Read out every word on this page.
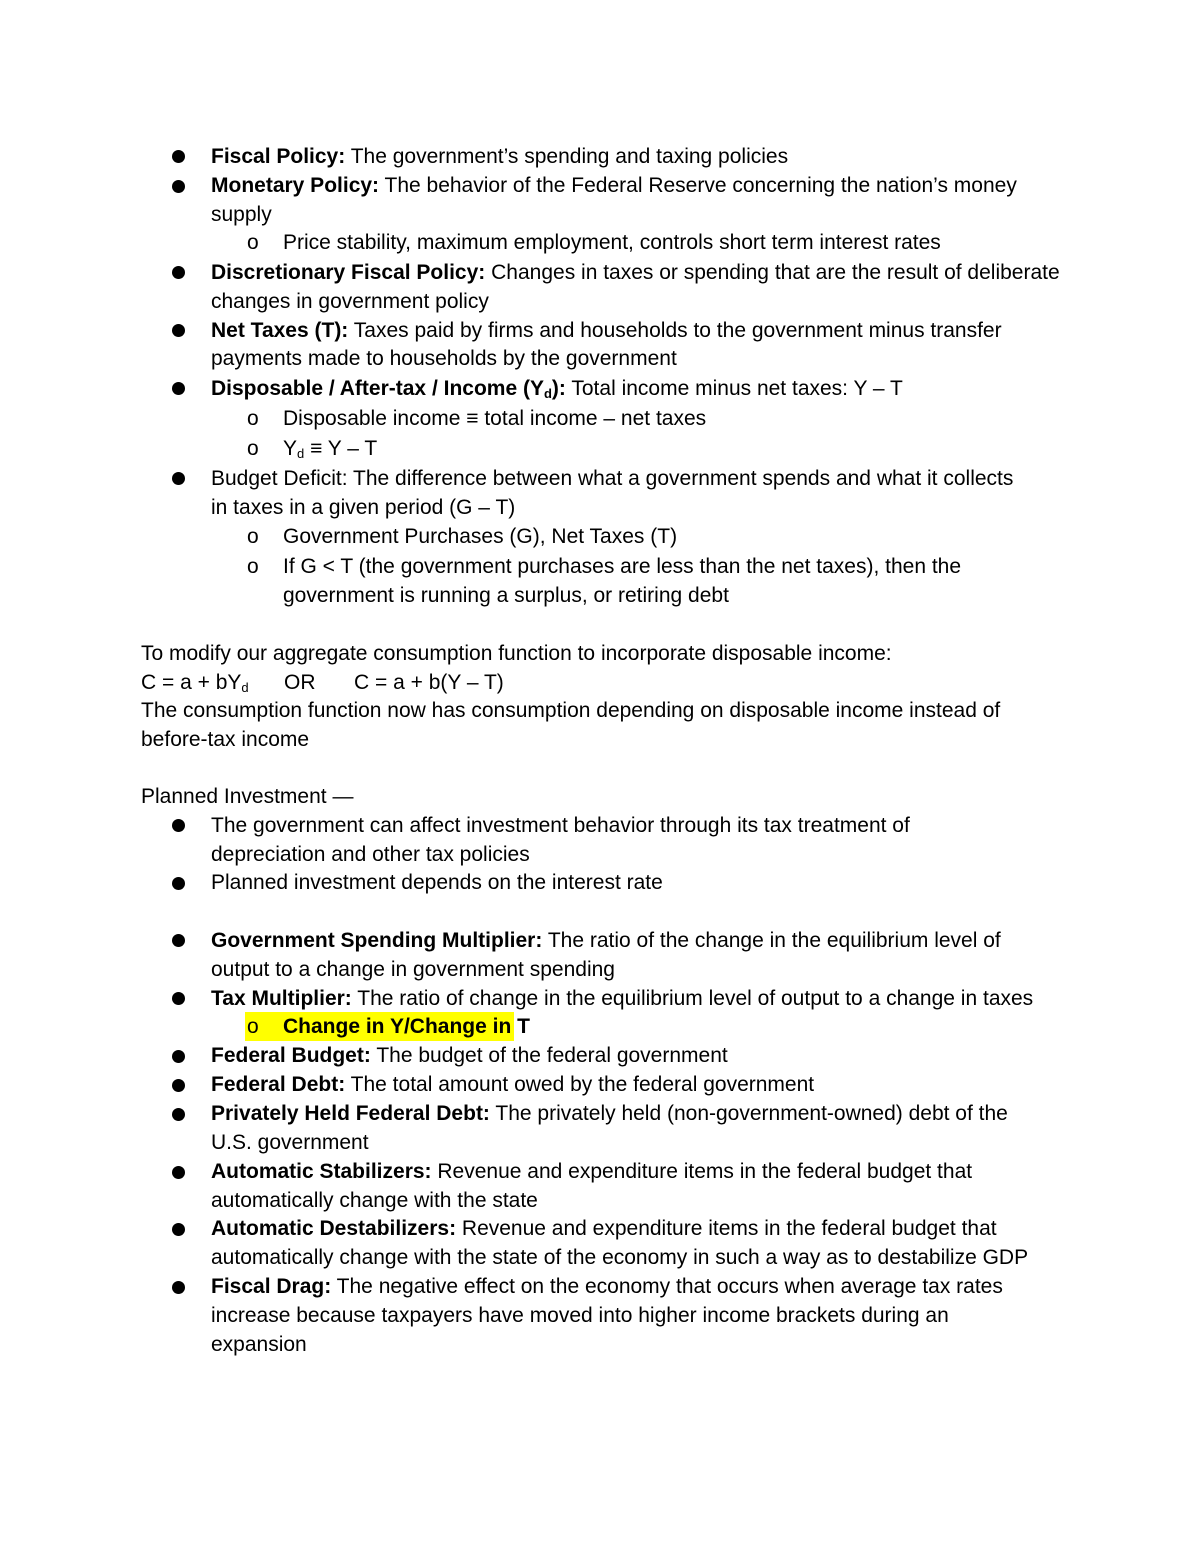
Fiscal Policy: The government’s spending and taxing policies
Monetary Policy: The behavior of the Federal Reserve concerning the nation’s money
supply
o Price stability, maximum employment, controls short term interest rates
Discretionary Fiscal Policy: Changes in taxes or spending that are the result of deliberate
changes in government policy
Net Taxes (T): Taxes paid by firms and households to the government minus transfer
payments made to households by the government
Disposable / After-tax / Income $(Y_d)$: Total income minus net taxes: Y – T
o Disposable income ≡ total income – net taxes
o $Y_d \equiv Y - T$
Budget Deficit: The difference between what a government spends and what it collects
in taxes in a given period (G – T)
o Government Purchases (G), Net Taxes (T)
o If G < T (the government purchases are less than the net taxes), then the
government is running a surplus, or retiring debt
To modify our aggregate consumption function to incorporate disposable income:
$C = a + bY_d$ OR C = a + b(Y – T)
The consumption function now has consumption depending on disposable income instead of
before-tax income
Planned Investment —
The government can affect investment behavior through its tax treatment of
depreciation and other tax policies
Planned investment depends on the interest rate
Government Spending Multiplier: The ratio of the change in the equilibrium level of
output to a change in government spending
Tax Multiplier: The ratio of change in the equilibrium level of output to a change in taxes
o Change in Y/Change in T
Federal Budget: The budget of the federal government
Federal Debt: The total amount owed by the federal government
Privately Held Federal Debt: The privately held (non-government-owned) debt of the
U.S. government
Automatic Stabilizers: Revenue and expenditure items in the federal budget that
automatically change with the state
Automatic Destabilizers: Revenue and expenditure items in the federal budget that
automatically change with the state of the economy in such a way as to destabilize GDP
Fiscal Drag: The negative effect on the economy that occurs when average tax rates
increase because taxpayers have moved into higher income brackets during an
expansion
